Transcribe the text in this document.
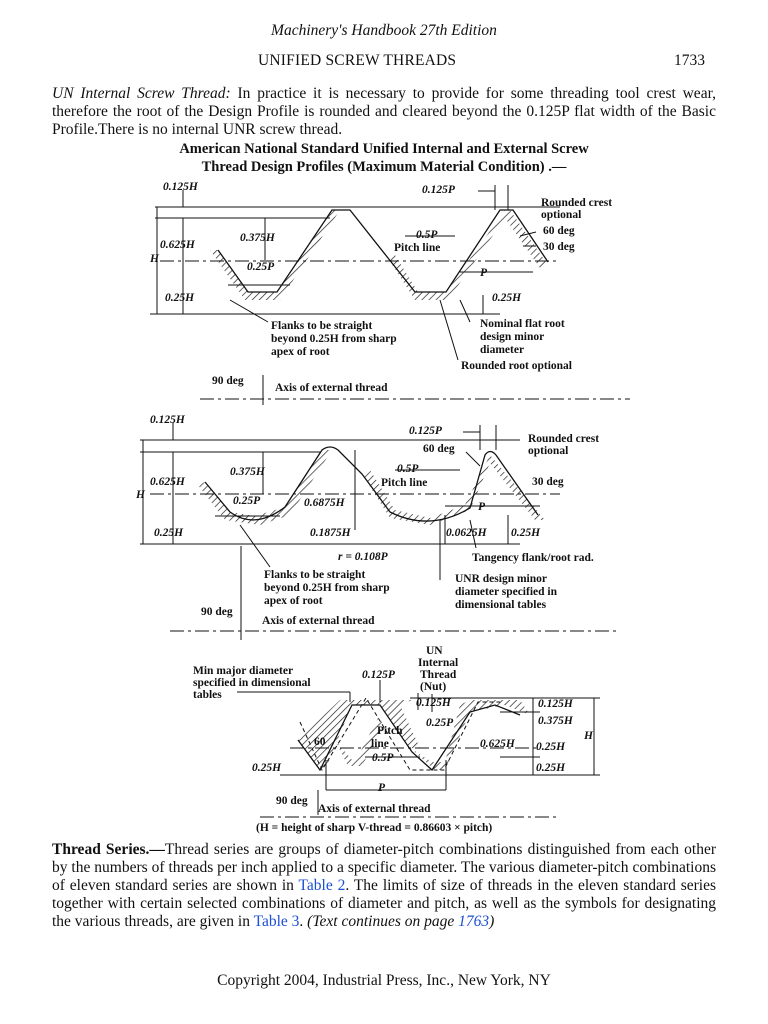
Machinery's Handbook 27th Edition
UNIFIED SCREW THREADS	1733

UN Internal Screw Thread: In practice it is necessary to provide for some threading tool crest wear, therefore the root of the Design Profile is rounded and cleared beyond the 0.125P flat width of the Basic Profile.There is no internal UNR screw thread.

American National Standard Unified Internal and External Screw
Thread Design Profiles (Maximum Material Condition) .—
0.125H	0.125P
Rounded crest
optional
60 deg
30 deg
0.625H
0.375H	0.5P
Pitch line
H
0.25P	P
0.25H	0.25H
Flanks to be straight
beyond 0.25H from sharp
apex of root
Nominal flat root
design minor
diameter
Rounded root optional
90 deg
Axis of external thread
0.125H
0.125P
60 deg
Rounded crest
optional
0.625H
0.375H	0.5P
Pitch line	30 deg
H	0.25P	0.6875H	P
0.25H	0.1875H	0.0625H 0.25H
r = 0.108P	Tangency flank/root rad.
Flanks to be straight
beyond 0.25H from sharp
apex of root
UNR design minor
diameter specified in
dimensional tables
90 deg
Axis of external thread
UN
Internal
Thread
(Nut)
Min major diameter
specified in dimensional
tables
0.125P
0.125H	0.125H
0.25P	0.375H
Pitch
line
60	0.625H 0.25H
H
0.5P
0.25H	0.25H
P
90 deg
Axis of external thread
(H = height of sharp V-thread = 0.86603 × pitch)

Thread Series.—Thread series are groups of diameter-pitch combinations distinguished from each other by the numbers of threads per inch applied to a specific diameter. The various diameter-pitch combinations of eleven standard series are shown in Table 2. The limits of size of threads in the eleven standard series together with certain selected combinations of diameter and pitch, as well as the symbols for designating the various threads, are given in Table 3. (Text continues on page 1763)

Copyright 2004, Industrial Press, Inc., New York, NY
